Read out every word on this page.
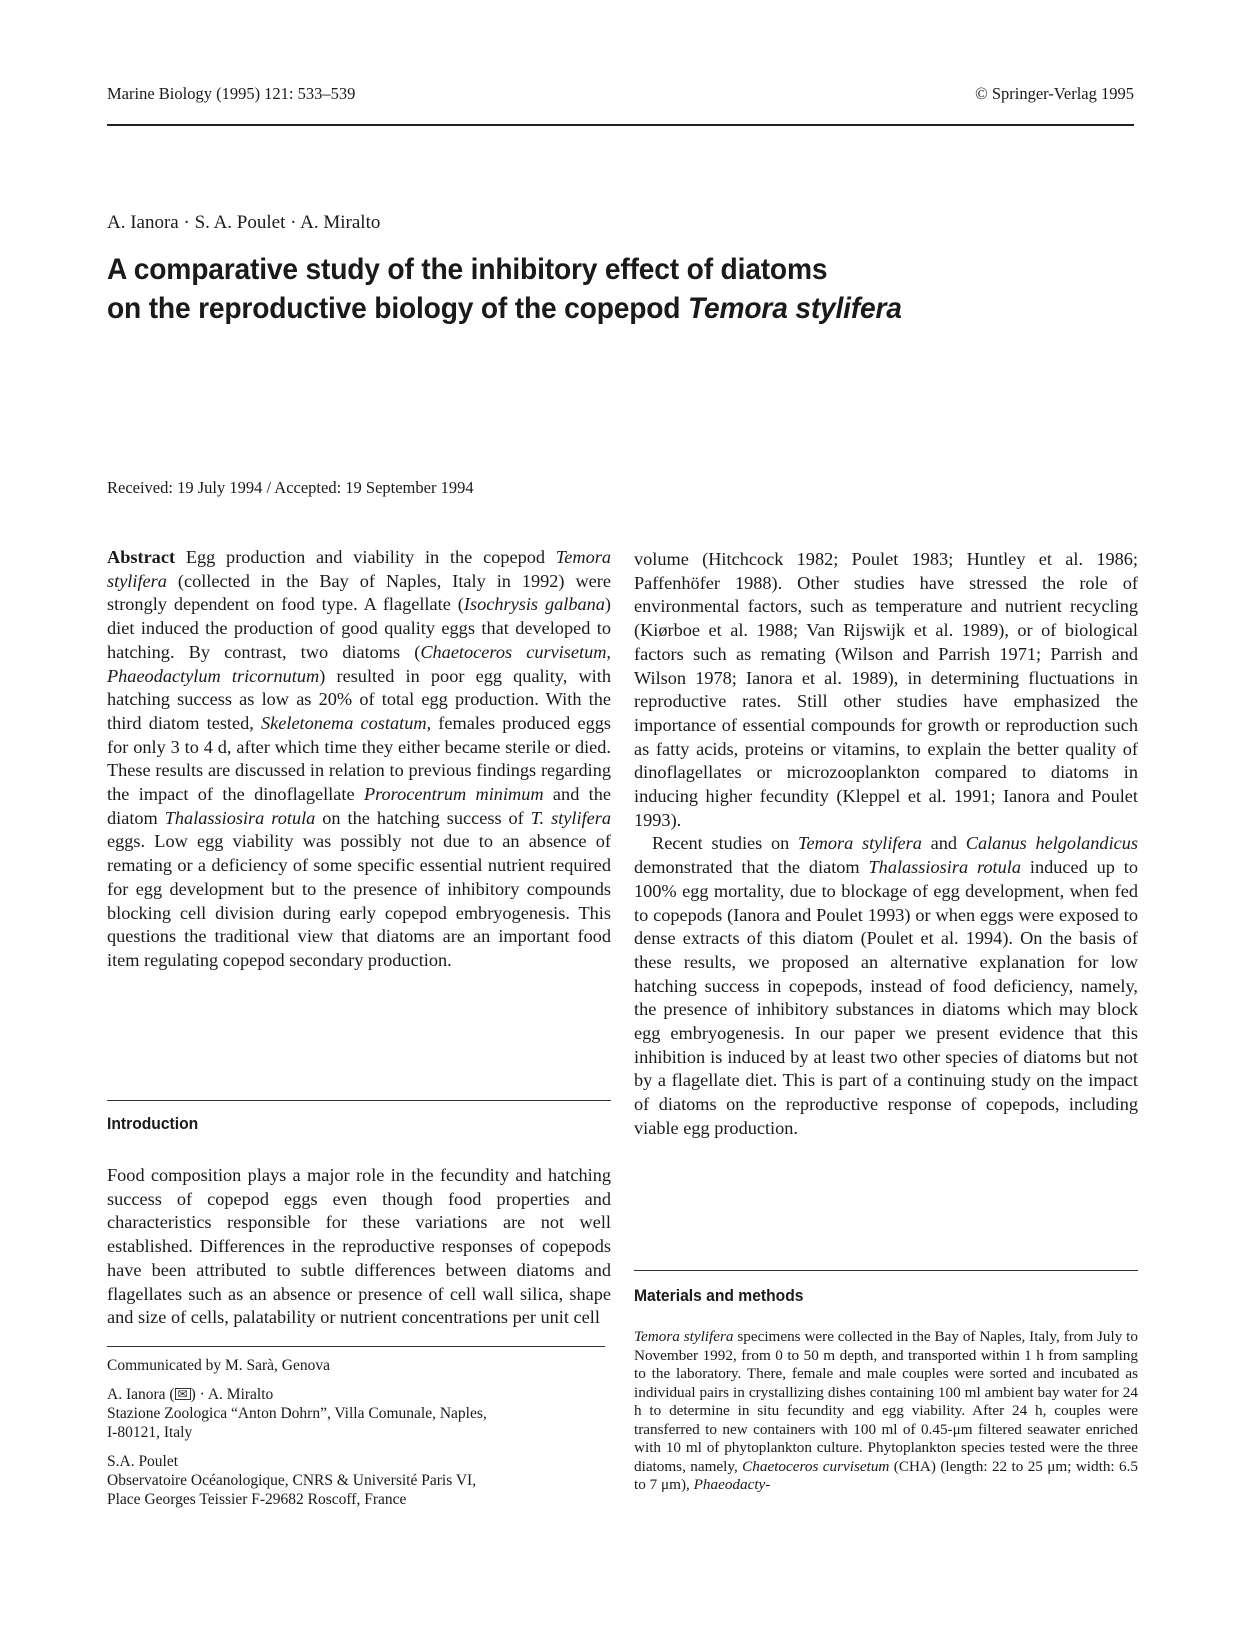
Marine Biology (1995) 121: 533–539	© Springer-Verlag 1995
A. Ianora · S. A. Poulet · A. Miralto
A comparative study of the inhibitory effect of diatoms
on the reproductive biology of the copepod Temora stylifera
Received: 19 July 1994 / Accepted: 19 September 1994

Abstract Egg production and viability in the copepod Temora stylifera (collected in the Bay of Naples, Italy in 1992) were strongly dependent on food type. A flagellate (Isochrysis galbana) diet induced the production of good quality eggs that developed to hatching. By contrast, two diatoms (Chaetoceros curvisetum, Phaeodactylum tricornutum) resulted in poor egg quality, with hatching success as low as 20% of total egg production. With the third diatom tested, Skeletonema costatum, females produced eggs for only 3 to 4 d, after which time they either became sterile or died. These results are discussed in relation to previous findings regarding the impact of the dinoflagellate Prorocentrum minimum and the diatom Thalassiosira rotula on the hatching success of T. stylifera eggs. Low egg viability was possibly not due to an absence of remating or a deficiency of some specific essential nutrient required for egg development but to the presence of inhibitory compounds blocking cell division during early copepod embryogenesis. This questions the traditional view that diatoms are an important food item regulating copepod secondary production.

Introduction

Food composition plays a major role in the fecundity and hatching success of copepod eggs even though food properties and characteristics responsible for these variations are not well established. Differences in the reproductive responses of copepods have been attributed to subtle differences between diatoms and flagellates such as an absence or presence of cell wall silica, shape and size of cells, palatability or nutrient concentrations per unit cell

volume (Hitchcock 1982; Poulet 1983; Huntley et al. 1986; Paffenhöfer 1988). Other studies have stressed the role of environmental factors, such as temperature and nutrient recycling (Kiørboe et al. 1988; Van Rijswijk et al. 1989), or of biological factors such as remating (Wilson and Parrish 1971; Parrish and Wilson 1978; Ianora et al. 1989), in determining fluctuations in reproductive rates. Still other studies have emphasized the importance of essential compounds for growth or reproduction such as fatty acids, proteins or vitamins, to explain the better quality of dinoflagellates or microzooplankton compared to diatoms in inducing higher fecundity (Kleppel et al. 1991; Ianora and Poulet 1993).

Recent studies on Temora stylifera and Calanus helgolandicus demonstrated that the diatom Thalassiosira rotula induced up to 100% egg mortality, due to blockage of egg development, when fed to copepods (Ianora and Poulet 1993) or when eggs were exposed to dense extracts of this diatom (Poulet et al. 1994). On the basis of these results, we proposed an alternative explanation for low hatching success in copepods, instead of food deficiency, namely, the presence of inhibitory substances in diatoms which may block egg embryogenesis. In our paper we present evidence that this inhibition is induced by at least two other species of diatoms but not by a flagellate diet. This is part of a continuing study on the impact of diatoms on the reproductive response of copepods, including viable egg production.

Materials and methods

Temora stylifera specimens were collected in the Bay of Naples, Italy, from July to November 1992, from 0 to 50 m depth, and transported within 1 h from sampling to the laboratory. There, female and male couples were sorted and incubated as individual pairs in crystallizing dishes containing 100 ml ambient bay water for 24 h to determine in situ fecundity and egg viability. After 24 h, couples were transferred to new containers with 100 ml of 0.45-μm filtered seawater enriched with 10 ml of phytoplankton culture. Phytoplankton species tested were the three diatoms, namely, Chaetoceros curvisetum (CHA) (length: 22 to 25 μm; width: 6.5 to 7 μm), Phaeodacty-

Communicated by M. Sarà, Genova

A. Ianora ( ✉ ) · A. Miralto

Stazione Zoologica “Anton Dohrn”, Villa Comunale, Naples,

I-80121, Italy

S.A. Poulet

Observatoire Océanologique, CNRS & Université Paris VI,

Place Georges Teissier F-29682 Roscoff, France
